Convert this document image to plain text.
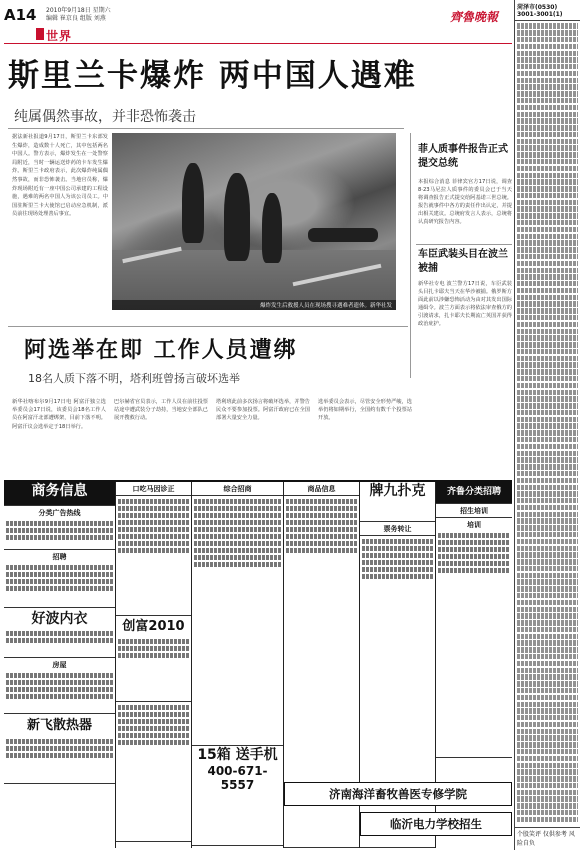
A14 2010年9月18日 星期六
编辑 崔京良 组版 刘燕
世界
齊魯晚報
斯里兰卡爆炸 两中国人遇难
纯属偶然事故，并非恐怖袭击
据法新社报道9月17日，斯里兰卡东部发生爆炸，造成数十人死亡，其中包括两名中国人。警方表示，爆炸发生在一处警察局附近，当时一辆运送炸药的卡车发生爆炸。斯里兰卡政府表示，此次爆炸纯属偶然事故，而非恐怖袭击。当地官员称，爆炸现场附近有一座中国公司承建的工程设施，遇难的两名中国人为该公司员工。中国驻斯里兰卡大使馆已启动应急机制，派员前往现场处理善后事宜。
爆炸发生后救援人员在现场搜寻遇难者遗体。新华社发
菲人质事件报告正式提交总统
本报综合消息 菲律宾官方17日说，调查8·23马尼拉人质事件的委员会已于当天将调查报告正式提交给阿基诺三世总统。报告就事件中各方的责任作出认定，并提出相关建议。总统府发言人表示，总统将认真研究报告内容。
车臣武装头目在波兰被捕
新华社专电 波兰警方17日说，车臣武装头目扎卡耶夫当天在华沙被捕。俄罗斯方面此前以涉嫌恐怖活动为由对其发出国际通缉令。波兰方面表示将依法审查俄方的引渡请求，扎卡耶夫长期流亡英国并获得政治庇护。
阿选举在即 工作人员遭绑
18名人质下落不明，塔利班曾扬言破坏选举

新华社喀布尔9月17日电 阿富汗独立选举委员会17日说，该委员会18名工作人员在阿富汗北部遭绑架，目前下落不明。阿富汗议会选举定于18日举行。

巴尔赫省官员表示，工作人员在前往投票站途中遭武装分子劫持，当地安全部队已展开搜救行动。

塔利班此前多次扬言将破坏选举，并警告民众不要参加投票。阿富汗政府已在全国部署大量安全力量。

选举委员会表示，尽管安全形势严峻，选举仍将如期举行，全国约有数千个投票站开放。

菏泽市(0530) 3001-3001(1)
个股笑评 仅供参考 风险自负
商务信息
分类广告热线
招聘
好波内衣
房屋
新飞散热器
口吃马因诊正
创富2010
综合招商
15箱 送手机
400-671-5557
商品信息	牌九扑克
票务转让
齐鲁分类招聘
招生培训
培训
济南海洋畜牧兽医专修学院
临沂电力学校招生
